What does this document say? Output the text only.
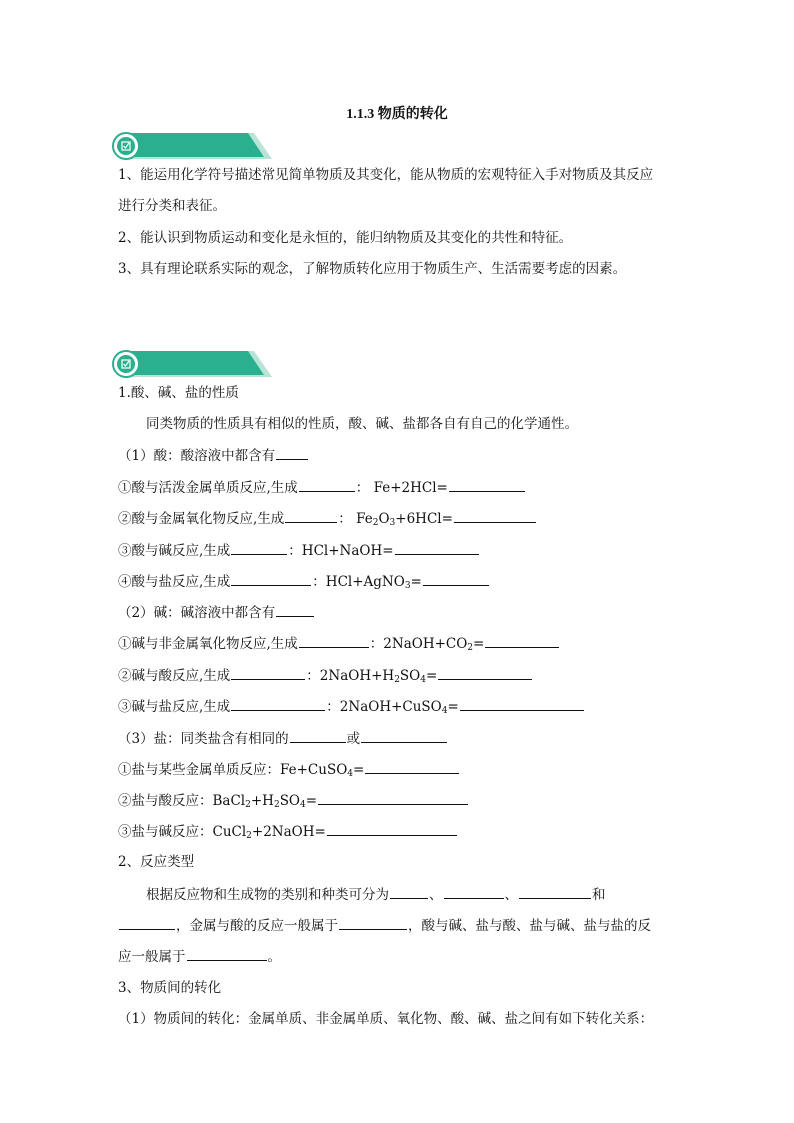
1.1.3 物质的转化
1、能运用化学符号描述常见简单物质及其变化，能从物质的宏观特征入手对物质及其反应
进行分类和表征。
2、能认识到物质运动和变化是永恒的，能归纳物质及其变化的共性和特征。
3、具有理论联系实际的观念，了解物质转化应用于物质生产、生活需要考虑的因素。
1.酸、碱、盐的性质
同类物质的性质具有相似的性质，酸、碱、盐都各自有自己的化学通性。
（1）酸：酸溶液中都含有
①酸与活泼金属单质反应,生成	： Fe+2HCl=
②酸与金属氧化物反应,生成	： $Fe_2O_3+6HCl=$
③酸与碱反应,生成	：HCl+NaOH=
④酸与盐反应,生成	：HCl+AgNO$_3$=
（2）碱：碱溶液中都含有
①碱与非金属氧化物反应,生成	：$2NaOH+CO_2=$
②碱与酸反应,生成	：$2NaOH+H_2SO_4=$
③碱与盐反应,生成	：2NaOH+CuSO$_4$=
（3）盐：同类盐含有相同的	或
①盐与某些金属单质反应：Fe+CuSO$_4$=
②盐与酸反应：$BaCl_2+H_2SO_4=$
③盐与碱反应：CuCl$_2$+2NaOH=
2、反应类型
根据反应物和生成物的类别和种类可分为	、	、	和
，金属与酸的反应一般属于	，酸与碱、盐与酸、盐与碱、盐与盐的反
应一般属于	。
3、物质间的转化
（1）物质间的转化：金属单质、非金属单质、氧化物、酸、碱、盐之间有如下转化关系：
